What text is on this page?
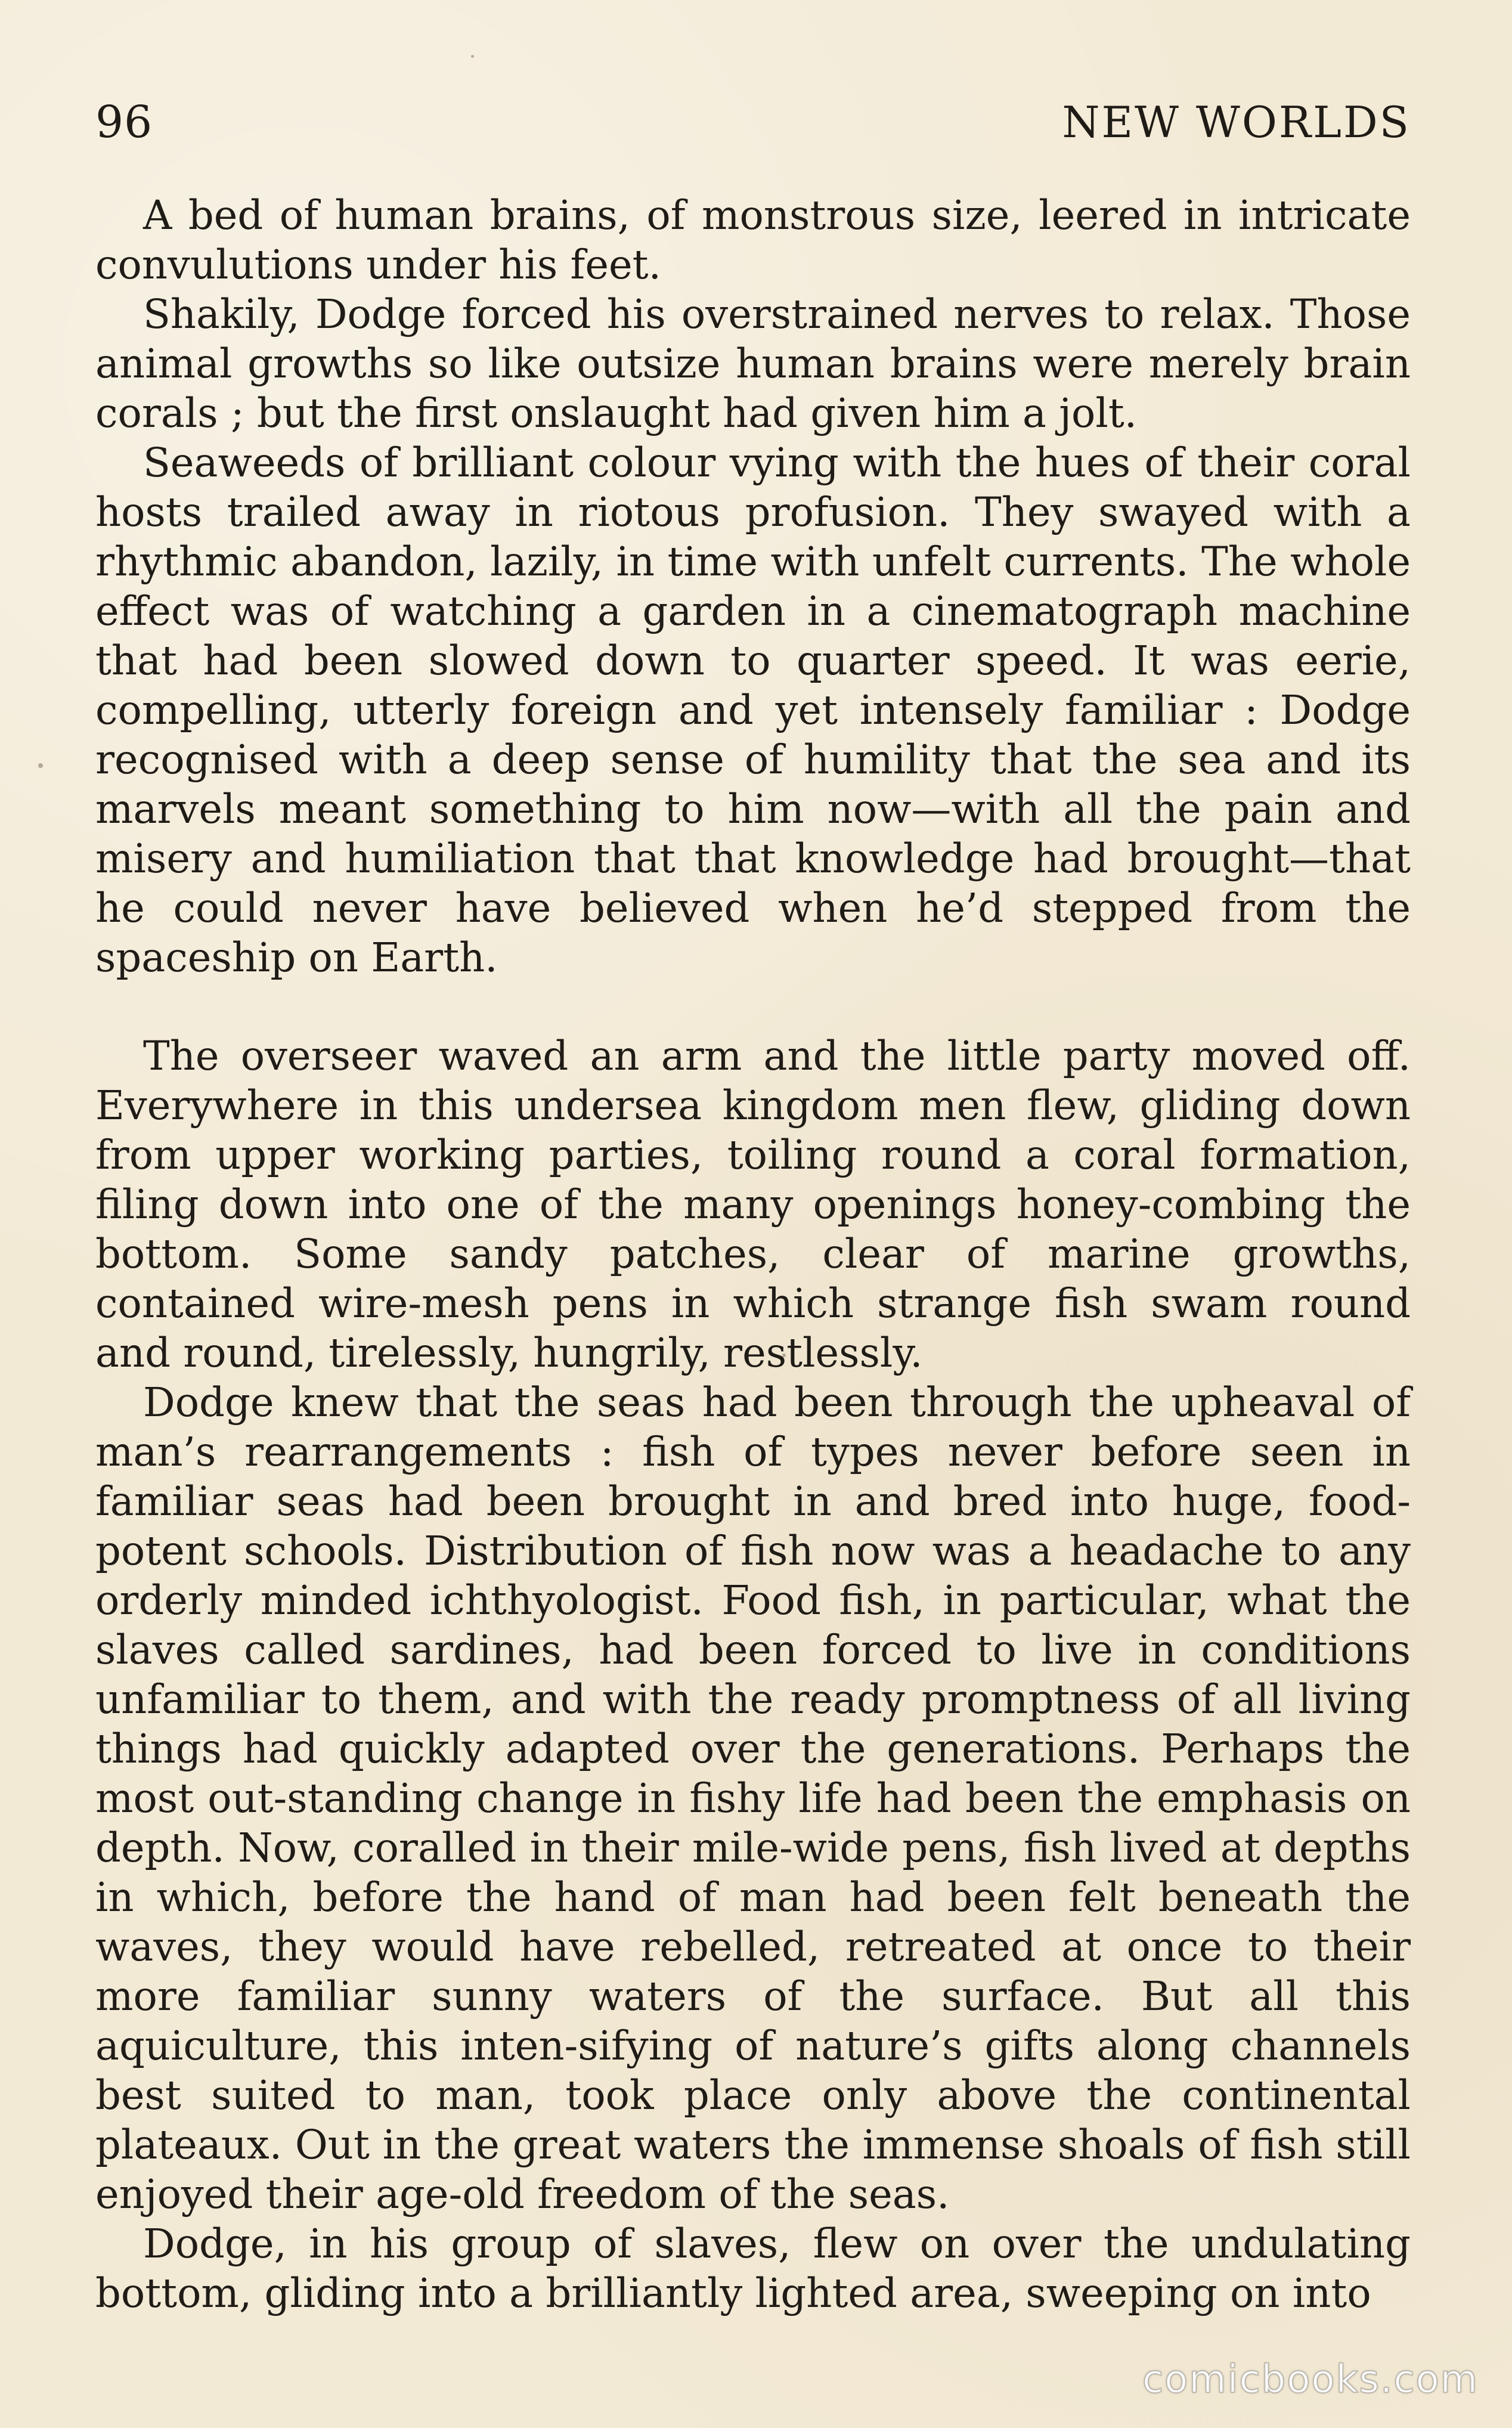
96	NEW WORLDS

A bed of human brains, of monstrous size, leered in intricate convulutions under his feet.

Shakily, Dodge forced his overstrained nerves to relax. Those animal growths so like outsize human brains were merely brain corals ; but the first onslaught had given him a jolt.

Seaweeds of brilliant colour vying with the hues of their coral hosts trailed away in riotous profusion. They swayed with a rhythmic abandon, lazily, in time with unfelt currents. The whole effect was of watching a garden in a cinematograph machine that had been slowed down to quarter speed. It was eerie, compelling, utterly foreign and yet intensely familiar : Dodge recognised with a deep sense of humility that the sea and its marvels meant something to him now—with all the pain and misery and humiliation that that knowledge had brought—that he could never have believed when he’d stepped from the spaceship on Earth.

The overseer waved an arm and the little party moved off. Everywhere in this undersea kingdom men flew, gliding down from upper working parties, toiling round a coral formation, filing down into one of the many openings honey-combing the bottom. Some sandy patches, clear of marine growths, contained wire-mesh pens in which strange fish swam round and round, tirelessly, hungrily, restlessly.

Dodge knew that the seas had been through the upheaval of man’s rearrangements : fish of types never before seen in familiar seas had been brought in and bred into huge, food-potent schools. Distribution of fish now was a headache to any orderly minded ichthyologist. Food fish, in particular, what the slaves called sardines, had been forced to live in conditions unfamiliar to them, and with the ready promptness of all living things had quickly adapted over the generations. Perhaps the most out-standing change in fishy life had been the emphasis on depth. Now, coralled in their mile-wide pens, fish lived at depths in which, before the hand of man had been felt beneath the waves, they would have rebelled, retreated at once to their more familiar sunny waters of the surface. But all this aquiculture, this inten-sifying of nature’s gifts along channels best suited to man, took place only above the continental plateaux. Out in the great waters the immense shoals of fish still enjoyed their age-old freedom of the seas.

Dodge, in his group of slaves, flew on over the undulating bottom, gliding into a brilliantly lighted area, sweeping on into

comicbooks.com
